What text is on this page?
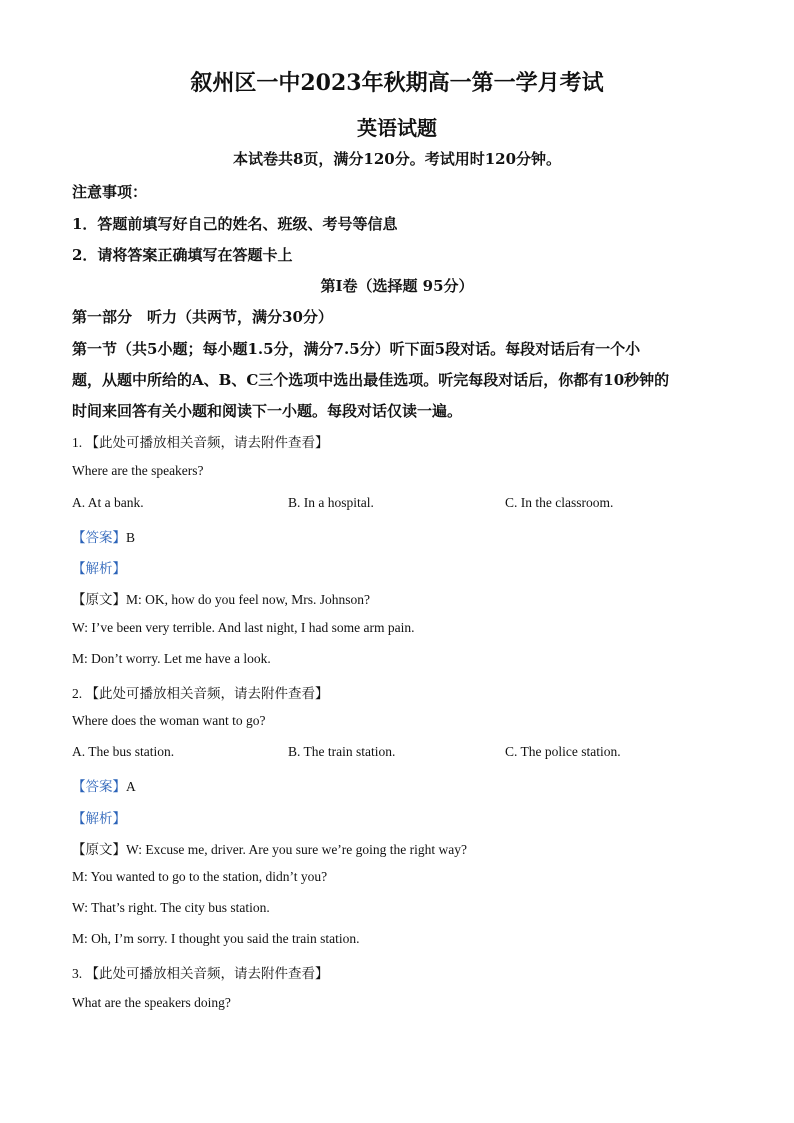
叙州区一中2023年秋期高一第一学月考试
英语试题
本试卷共8页，满分120分。考试用时120分钟。
注意事项：
1．答题前填写好自己的姓名、班级、考号等信息
2．请将答案正确填写在答题卡上
第I卷（选择题 95分）
第一部分　听力（共两节，满分30分）
第一节（共5小题；每小题1.5分，满分7.5分）听下面5段对话。每段对话后有一个小
题，从题中所给的A、B、C三个选项中选出最佳选项。听完每段对话后，你都有10秒钟的
时间来回答有关小题和阅读下一小题。每段对话仅读一遍。
1. 【此处可播放相关音频，请去附件查看】
Where are the speakers?
A. At a bank.	B. In a hospital.	C. In the classroom.
【答案】B
【解析】
【原文】M: OK, how do you feel now, Mrs. Johnson?
W: I’ve been very terrible. And last night, I had some arm pain.
M: Don’t worry. Let me have a look.
2. 【此处可播放相关音频，请去附件查看】
Where does the woman want to go?
A. The bus station.	B. The train station.	C. The police station.
【答案】A
【解析】
【原文】W: Excuse me, driver. Are you sure we’re going the right way?
M: You wanted to go to the station, didn’t you?
W: That’s right. The city bus station.
M: Oh, I’m sorry. I thought you said the train station.
3. 【此处可播放相关音频，请去附件查看】
What are the speakers doing?
